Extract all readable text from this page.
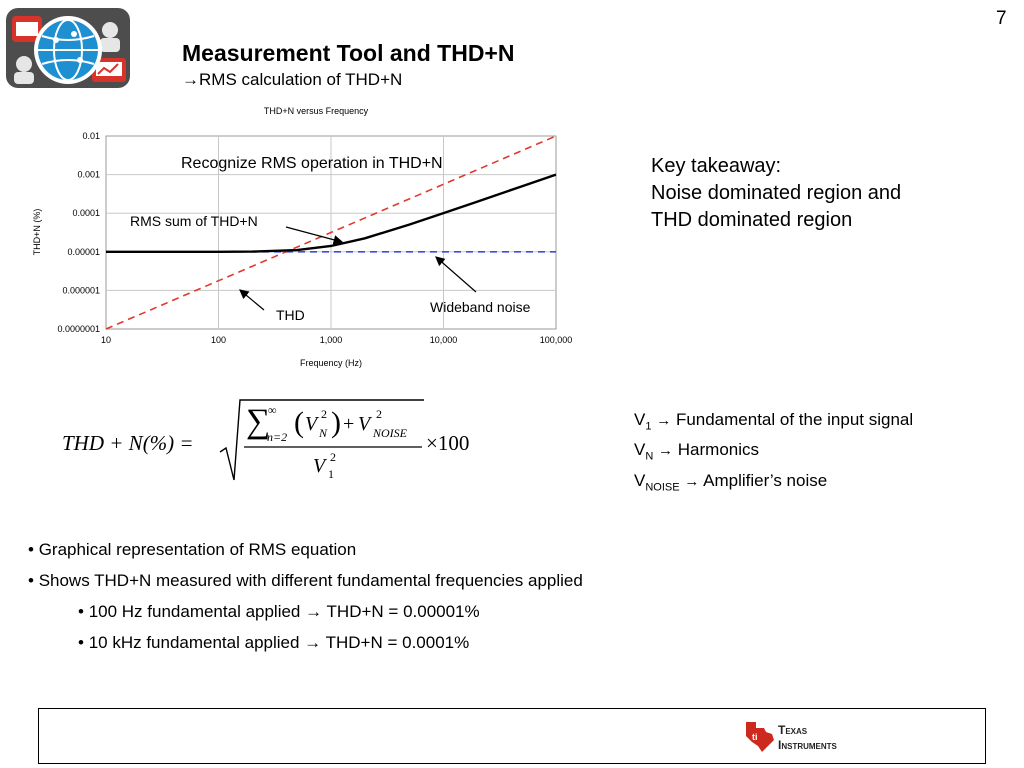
7
Measurement Tool and THD+N
→RMS calculation of THD+N
THD+N versus Frequency
0.0000001
0.000001
0.00001
0.0001
0.001
0.01
10	100	1,000	10,000	100,000
Frequency (Hz)
THD+N (%)
Recognize RMS operation in THD+N
RMS sum of THD+N
THD	Wideband noise
Key takeaway:
Noise dominated region and
THD dominated region
THD + N(%) =
∑
∞
n=2 ( V 2
N ) + V 2
NOISE
V 2
1
×100
$V_1$ → Fundamental of the input signal
$V_N$ → Harmonics
$V_{NOISE}$ → Amplifier’s noise
• Graphical representation of RMS equation
• Shows THD+N measured with different fundamental frequencies applied
• 100 Hz fundamental applied → THD+N = 0.00001%
• 10 kHz fundamental applied → THD+N = 0.0001%
ti Texas
Instruments
